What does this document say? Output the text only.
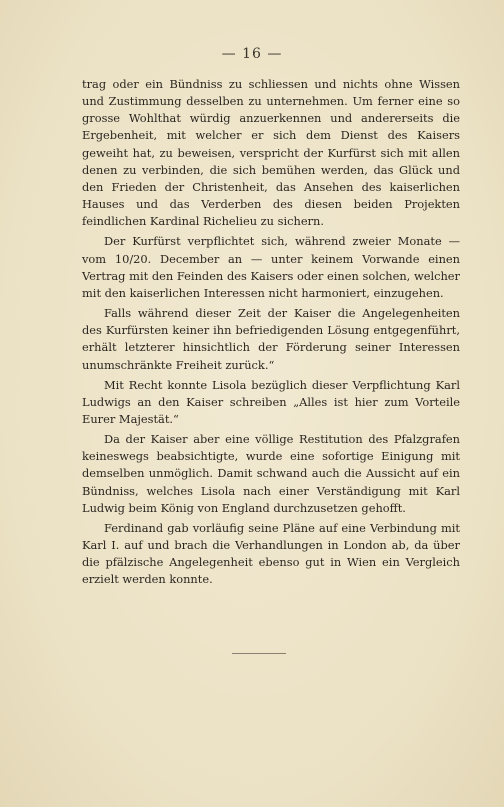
— 16 —

trag oder ein Bündniss zu schliessen und nichts ohne Wissen und Zustimmung desselben zu unternehmen. Um ferner eine so grosse Wohlthat würdig anzuerkennen und andererseits die Ergebenheit, mit welcher er sich dem Dienst des Kaisers geweiht hat, zu beweisen, verspricht der Kurfürst sich mit allen denen zu verbinden, die sich bemühen werden, das Glück und den Frieden der Christenheit, das Ansehen des kaiserlichen Hauses und das Verderben des diesen beiden Projekten feindlichen Kardinal Richelieu zu sichern.

Der Kurfürst verpflichtet sich, während zweier Monate — vom 10/20. December an — unter keinem Vorwande einen Vertrag mit den Feinden des Kaisers oder einen solchen, welcher mit den kaiserlichen Interessen nicht harmoniert, einzugehen.

Falls während dieser Zeit der Kaiser die Angelegenheiten des Kurfürsten keiner ihn befriedigenden Lösung entgegenführt, erhält letzterer hinsichtlich der Förderung seiner Interessen unumschränkte Freiheit zurück.“

Mit Recht konnte Lisola bezüglich dieser Verpflichtung Karl Ludwigs an den Kaiser schreiben „Alles ist hier zum Vorteile Eurer Majestät.“

Da der Kaiser aber eine völlige Restitution des Pfalzgrafen keineswegs beabsichtigte, wurde eine sofortige Einigung mit demselben unmöglich. Damit schwand auch die Aussicht auf ein Bündniss, welches Lisola nach einer Verständigung mit Karl Ludwig beim König von England durchzusetzen gehofft.

Ferdinand gab vorläufig seine Pläne auf eine Verbindung mit Karl I. auf und brach die Verhandlungen in London ab, da über die pfälzische Angelegenheit ebenso gut in Wien ein Vergleich erzielt werden konnte.
